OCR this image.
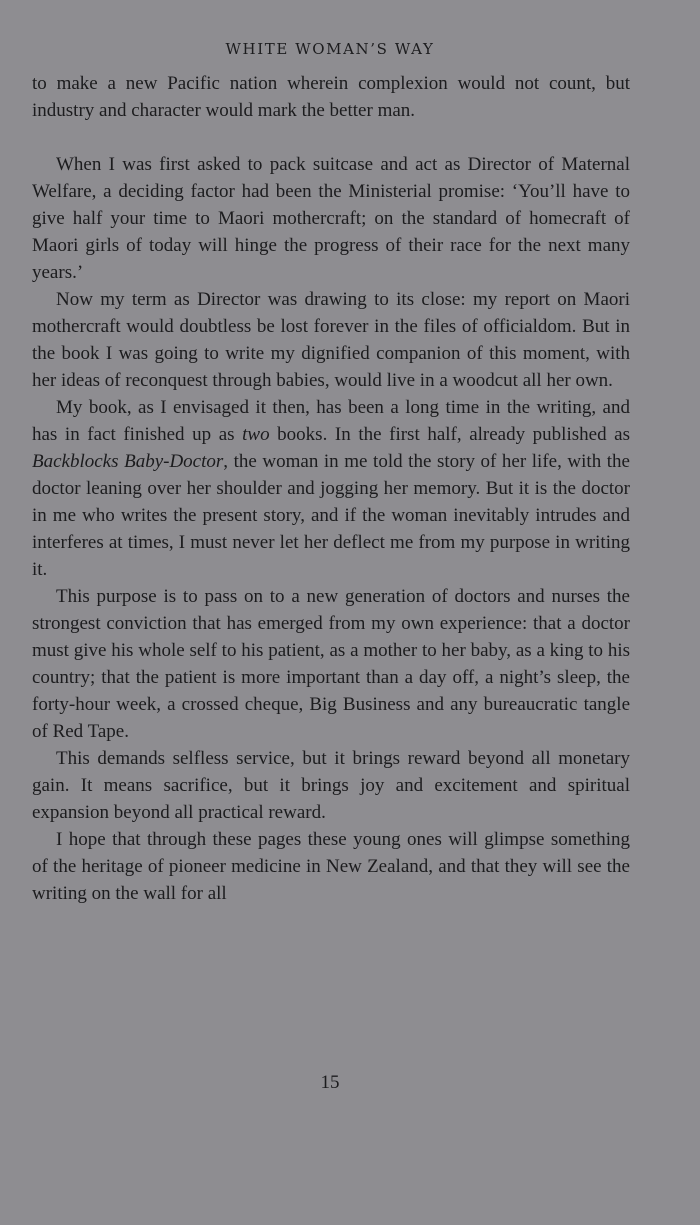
WHITE WOMAN’S WAY

to make a new Pacific nation wherein complexion would not count, but industry and character would mark the better man.

When I was first asked to pack suitcase and act as Director of Maternal Welfare, a deciding factor had been the Ministerial promise: ‘You’ll have to give half your time to Maori mothercraft; on the standard of homecraft of Maori girls of today will hinge the progress of their race for the next many years.’

Now my term as Director was drawing to its close: my report on Maori mothercraft would doubtless be lost forever in the files of officialdom. But in the book I was going to write my dignified companion of this moment, with her ideas of reconquest through babies, would live in a woodcut all her own.

My book, as I envisaged it then, has been a long time in the writing, and has in fact finished up as two books. In the first half, already published as Backblocks Baby-Doctor, the woman in me told the story of her life, with the doctor leaning over her shoulder and jogging her memory. But it is the doctor in me who writes the present story, and if the woman inevitably intrudes and interferes at times, I must never let her deflect me from my purpose in writing it.

This purpose is to pass on to a new generation of doctors and nurses the strongest conviction that has emerged from my own experience: that a doctor must give his whole self to his patient, as a mother to her baby, as a king to his country; that the patient is more important than a day off, a night’s sleep, the forty-hour week, a crossed cheque, Big Business and any bureaucratic tangle of Red Tape.

This demands selfless service, but it brings reward beyond all monetary gain. It means sacrifice, but it brings joy and excitement and spiritual expansion beyond all practical reward.

I hope that through these pages these young ones will glimpse something of the heritage of pioneer medicine in New Zealand, and that they will see the writing on the wall for all

15
